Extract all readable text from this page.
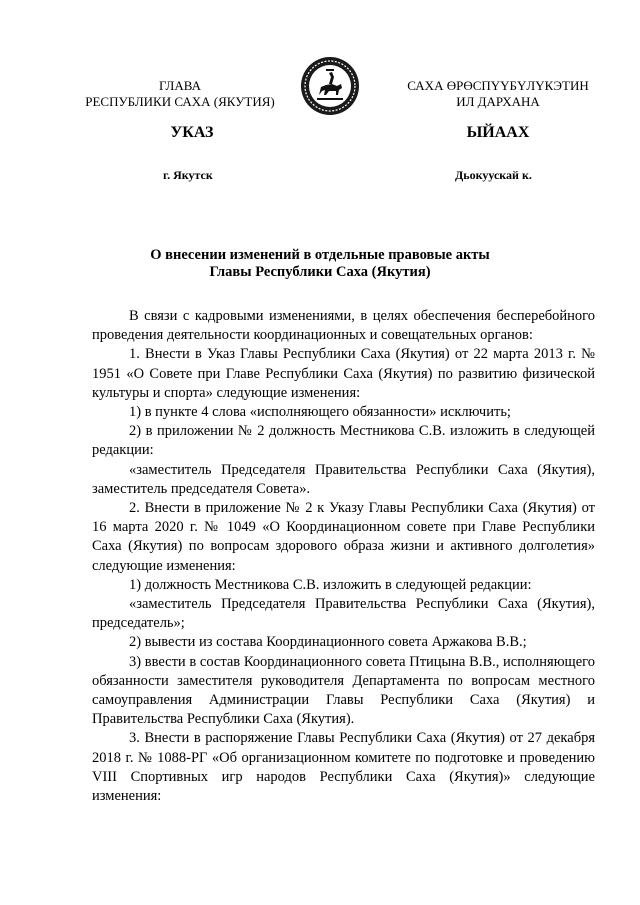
ГЛАВА
РЕСПУБЛИКИ САХА (ЯКУТИЯ)
САХА ӨРӨСПҮҮБҮЛҮКЭТИН
ИЛ ДАРХАНА
УКАЗ	ЫЙААХ
г. Якутск	Дьокуускай к.
О внесении изменений в отдельные правовые акты
Главы Республики Саха (Якутия)

В связи с кадровыми изменениями, в целях обеспечения бесперебойного проведения деятельности координационных и совещательных органов:

1. Внести в Указ Главы Республики Саха (Якутия) от 22 марта 2013 г. № 1951 «О Совете при Главе Республики Саха (Якутия) по развитию физической культуры и спорта» следующие изменения:

1) в пункте 4 слова «исполняющего обязанности» исключить;

2) в приложении № 2 должность Местникова С.В. изложить в следующей редакции:

«заместитель Председателя Правительства Республики Саха (Якутия), заместитель председателя Совета».

2. Внести в приложение № 2 к Указу Главы Республики Саха (Якутия) от 16 марта 2020 г. № 1049 «О Координационном совете при Главе Республики Саха (Якутия) по вопросам здорового образа жизни и активного долголетия» следующие изменения:

1) должность Местникова С.В. изложить в следующей редакции:

«заместитель Председателя Правительства Республики Саха (Якутия), председатель»;

2) вывести из состава Координационного совета Аржакова В.В.;

3) ввести в состав Координационного совета Птицына В.В., исполняющего обязанности заместителя руководителя Департамента по вопросам местного самоуправления Администрации Главы Республики Саха (Якутия) и Правительства Республики Саха (Якутия).

3. Внести в распоряжение Главы Республики Саха (Якутия) от 27 декабря 2018 г. № 1088-РГ «Об организационном комитете по подготовке и проведению VIII Спортивных игр народов Республики Саха (Якутия)» следующие изменения:
